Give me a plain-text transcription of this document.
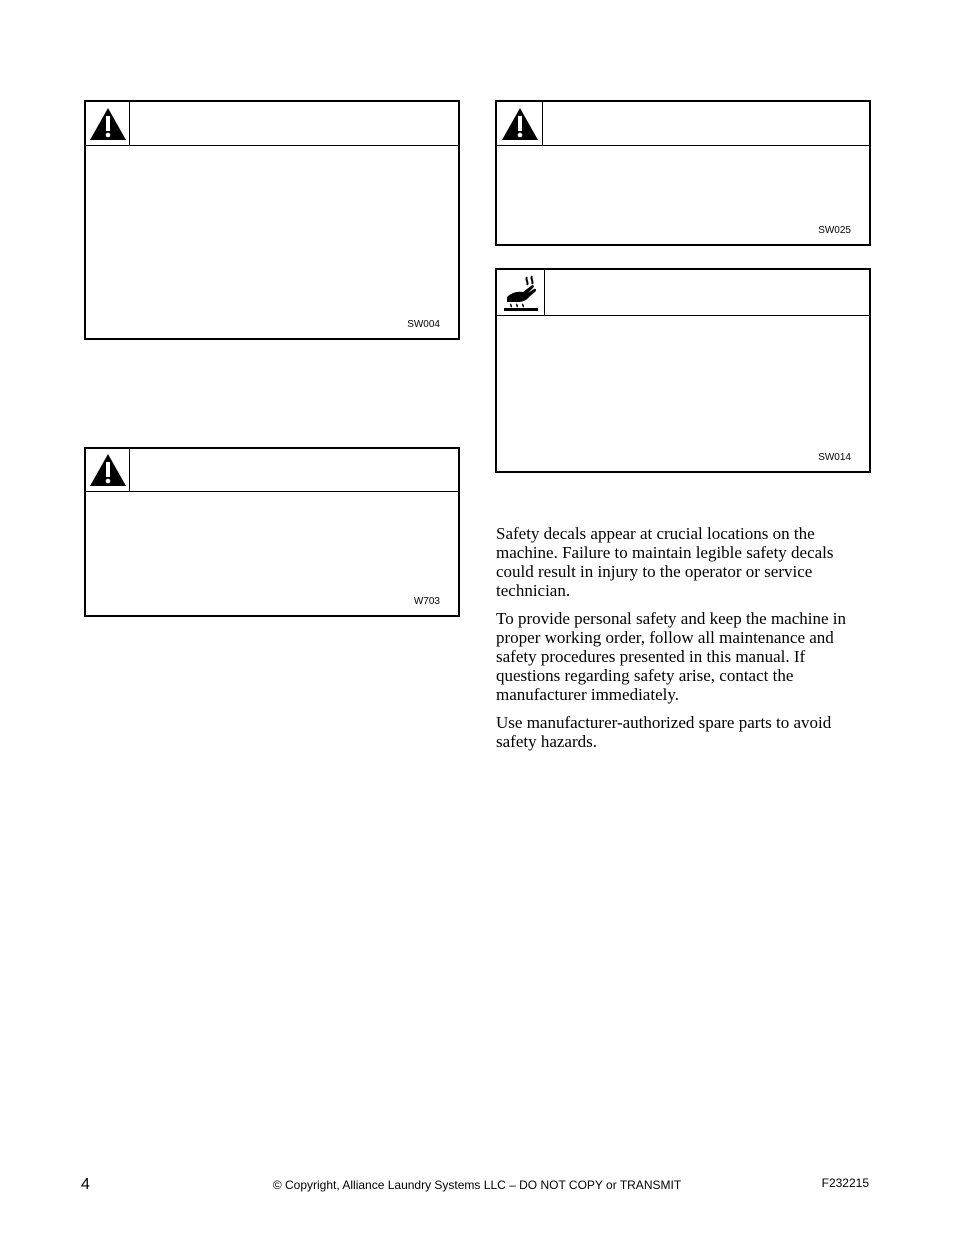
SW004
W703
SW025
SW014

Safety decals appear at crucial locations on the machine. Failure to maintain legible safety decals could result in injury to the operator or service technician.

To provide personal safety and keep the machine in proper working order, follow all maintenance and safety procedures presented in this manual. If questions regarding safety arise, contact the manufacturer immediately.

Use manufacturer-authorized spare parts to avoid safety hazards.

4	© Copyright, Alliance Laundry Systems LLC – DO NOT COPY or TRANSMIT	F232215
